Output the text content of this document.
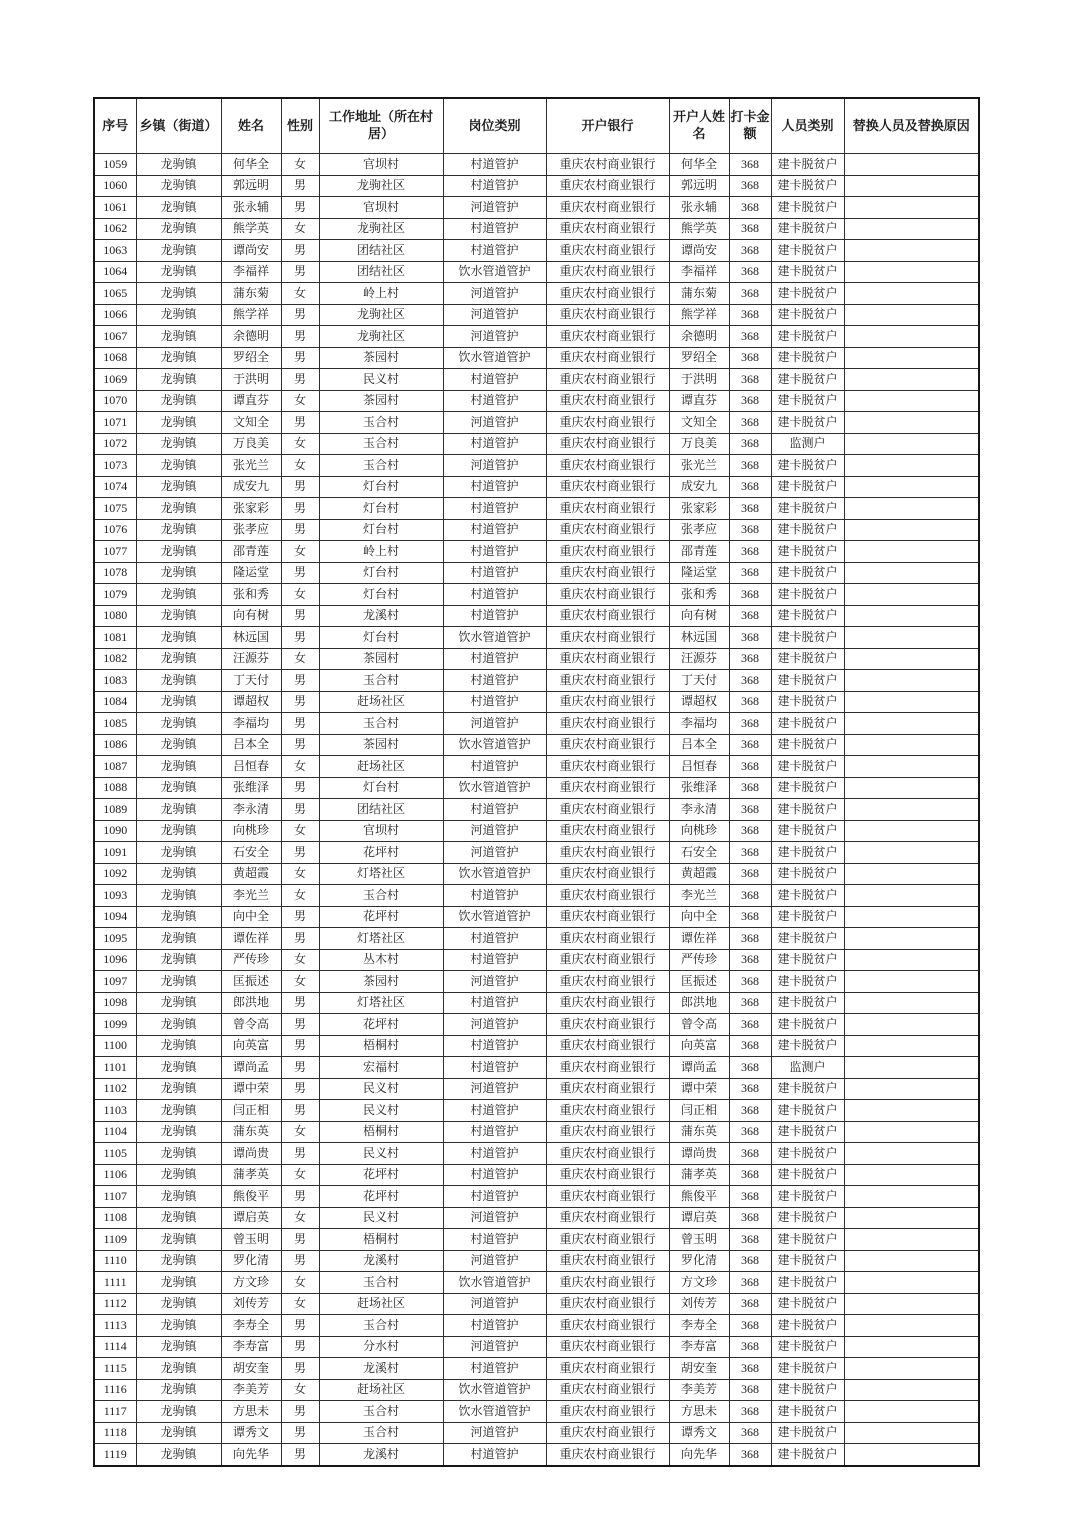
序号	乡镇（街道）	姓名	性别	工作地址（所在村居）	岗位类别	开户银行	开户人姓名	打卡金额	人员类别	替换人员及替换原因
1059	龙驹镇	何华全	女	官坝村	村道管护	重庆农村商业银行	何华全	368	建卡脱贫户	
1060	龙驹镇	郭远明	男	龙驹社区	村道管护	重庆农村商业银行	郭远明	368	建卡脱贫户	
1061	龙驹镇	张永辅	男	官坝村	河道管护	重庆农村商业银行	张永辅	368	建卡脱贫户	
1062	龙驹镇	熊学英	女	龙驹社区	村道管护	重庆农村商业银行	熊学英	368	建卡脱贫户	
1063	龙驹镇	谭尚安	男	团结社区	村道管护	重庆农村商业银行	谭尚安	368	建卡脱贫户	
1064	龙驹镇	李福祥	男	团结社区	饮水管道管护	重庆农村商业银行	李福祥	368	建卡脱贫户	
1065	龙驹镇	蒲东菊	女	岭上村	河道管护	重庆农村商业银行	蒲东菊	368	建卡脱贫户	
1066	龙驹镇	熊学祥	男	龙驹社区	河道管护	重庆农村商业银行	熊学祥	368	建卡脱贫户	
1067	龙驹镇	余德明	男	龙驹社区	河道管护	重庆农村商业银行	余德明	368	建卡脱贫户	
1068	龙驹镇	罗绍全	男	茶园村	饮水管道管护	重庆农村商业银行	罗绍全	368	建卡脱贫户	
1069	龙驹镇	于洪明	男	民义村	村道管护	重庆农村商业银行	于洪明	368	建卡脱贫户	
1070	龙驹镇	谭直芬	女	茶园村	村道管护	重庆农村商业银行	谭直芬	368	建卡脱贫户	
1071	龙驹镇	文知全	男	玉合村	河道管护	重庆农村商业银行	文知全	368	建卡脱贫户	
1072	龙驹镇	万良美	女	玉合村	村道管护	重庆农村商业银行	万良美	368	监测户	
1073	龙驹镇	张光兰	女	玉合村	河道管护	重庆农村商业银行	张光兰	368	建卡脱贫户	
1074	龙驹镇	成安九	男	灯台村	村道管护	重庆农村商业银行	成安九	368	建卡脱贫户	
1075	龙驹镇	张家彩	男	灯台村	村道管护	重庆农村商业银行	张家彩	368	建卡脱贫户	
1076	龙驹镇	张孝应	男	灯台村	村道管护	重庆农村商业银行	张孝应	368	建卡脱贫户	
1077	龙驹镇	邵青莲	女	岭上村	村道管护	重庆农村商业银行	邵青莲	368	建卡脱贫户	
1078	龙驹镇	隆运堂	男	灯台村	村道管护	重庆农村商业银行	隆运堂	368	建卡脱贫户	
1079	龙驹镇	张和秀	女	灯台村	村道管护	重庆农村商业银行	张和秀	368	建卡脱贫户	
1080	龙驹镇	向有树	男	龙溪村	村道管护	重庆农村商业银行	向有树	368	建卡脱贫户	
1081	龙驹镇	林远国	男	灯台村	饮水管道管护	重庆农村商业银行	林远国	368	建卡脱贫户	
1082	龙驹镇	汪源芬	女	茶园村	村道管护	重庆农村商业银行	汪源芬	368	建卡脱贫户	
1083	龙驹镇	丁天付	男	玉合村	村道管护	重庆农村商业银行	丁天付	368	建卡脱贫户	
1084	龙驹镇	谭超权	男	赶场社区	村道管护	重庆农村商业银行	谭超权	368	建卡脱贫户	
1085	龙驹镇	李福均	男	玉合村	河道管护	重庆农村商业银行	李福均	368	建卡脱贫户	
1086	龙驹镇	吕本全	男	茶园村	饮水管道管护	重庆农村商业银行	吕本全	368	建卡脱贫户	
1087	龙驹镇	吕恒春	女	赶场社区	村道管护	重庆农村商业银行	吕恒春	368	建卡脱贫户	
1088	龙驹镇	张维泽	男	灯台村	饮水管道管护	重庆农村商业银行	张维泽	368	建卡脱贫户	
1089	龙驹镇	李永清	男	团结社区	村道管护	重庆农村商业银行	李永清	368	建卡脱贫户	
1090	龙驹镇	向桃珍	女	官坝村	河道管护	重庆农村商业银行	向桃珍	368	建卡脱贫户	
1091	龙驹镇	石安全	男	花坪村	河道管护	重庆农村商业银行	石安全	368	建卡脱贫户	
1092	龙驹镇	黄超霞	女	灯塔社区	饮水管道管护	重庆农村商业银行	黄超霞	368	建卡脱贫户	
1093	龙驹镇	李光兰	女	玉合村	村道管护	重庆农村商业银行	李光兰	368	建卡脱贫户	
1094	龙驹镇	向中全	男	花坪村	饮水管道管护	重庆农村商业银行	向中全	368	建卡脱贫户	
1095	龙驹镇	谭佐祥	男	灯塔社区	村道管护	重庆农村商业银行	谭佐祥	368	建卡脱贫户	
1096	龙驹镇	严传珍	女	丛木村	村道管护	重庆农村商业银行	严传珍	368	建卡脱贫户	
1097	龙驹镇	匡振述	女	茶园村	河道管护	重庆农村商业银行	匡振述	368	建卡脱贫户	
1098	龙驹镇	郎洪地	男	灯塔社区	村道管护	重庆农村商业银行	郎洪地	368	建卡脱贫户	
1099	龙驹镇	曾令高	男	花坪村	河道管护	重庆农村商业银行	曾令高	368	建卡脱贫户	
1100	龙驹镇	向英富	男	梧桐村	村道管护	重庆农村商业银行	向英富	368	建卡脱贫户	
1101	龙驹镇	谭尚孟	男	宏福村	村道管护	重庆农村商业银行	谭尚孟	368	监测户	
1102	龙驹镇	谭中荣	男	民义村	河道管护	重庆农村商业银行	谭中荣	368	建卡脱贫户	
1103	龙驹镇	闫正相	男	民义村	村道管护	重庆农村商业银行	闫正相	368	建卡脱贫户	
1104	龙驹镇	蒲东英	女	梧桐村	村道管护	重庆农村商业银行	蒲东英	368	建卡脱贫户	
1105	龙驹镇	谭尚贵	男	民义村	村道管护	重庆农村商业银行	谭尚贵	368	建卡脱贫户	
1106	龙驹镇	蒲孝英	女	花坪村	村道管护	重庆农村商业银行	蒲孝英	368	建卡脱贫户	
1107	龙驹镇	熊俊平	男	花坪村	村道管护	重庆农村商业银行	熊俊平	368	建卡脱贫户	
1108	龙驹镇	谭启英	女	民义村	河道管护	重庆农村商业银行	谭启英	368	建卡脱贫户	
1109	龙驹镇	曾玉明	男	梧桐村	村道管护	重庆农村商业银行	曾玉明	368	建卡脱贫户	
1110	龙驹镇	罗化清	男	龙溪村	河道管护	重庆农村商业银行	罗化清	368	建卡脱贫户	
1111	龙驹镇	方文珍	女	玉合村	饮水管道管护	重庆农村商业银行	方文珍	368	建卡脱贫户	
1112	龙驹镇	刘传芳	女	赶场社区	河道管护	重庆农村商业银行	刘传芳	368	建卡脱贫户	
1113	龙驹镇	李寿全	男	玉合村	村道管护	重庆农村商业银行	李寿全	368	建卡脱贫户	
1114	龙驹镇	李寿富	男	分水村	河道管护	重庆农村商业银行	李寿富	368	建卡脱贫户	
1115	龙驹镇	胡安奎	男	龙溪村	村道管护	重庆农村商业银行	胡安奎	368	建卡脱贫户	
1116	龙驹镇	李美芳	女	赶场社区	饮水管道管护	重庆农村商业银行	李美芳	368	建卡脱贫户	
1117	龙驹镇	方思未	男	玉合村	饮水管道管护	重庆农村商业银行	方思未	368	建卡脱贫户	
1118	龙驹镇	谭秀文	男	玉合村	河道管护	重庆农村商业银行	谭秀文	368	建卡脱贫户	
1119	龙驹镇	向先华	男	龙溪村	村道管护	重庆农村商业银行	向先华	368	建卡脱贫户	
